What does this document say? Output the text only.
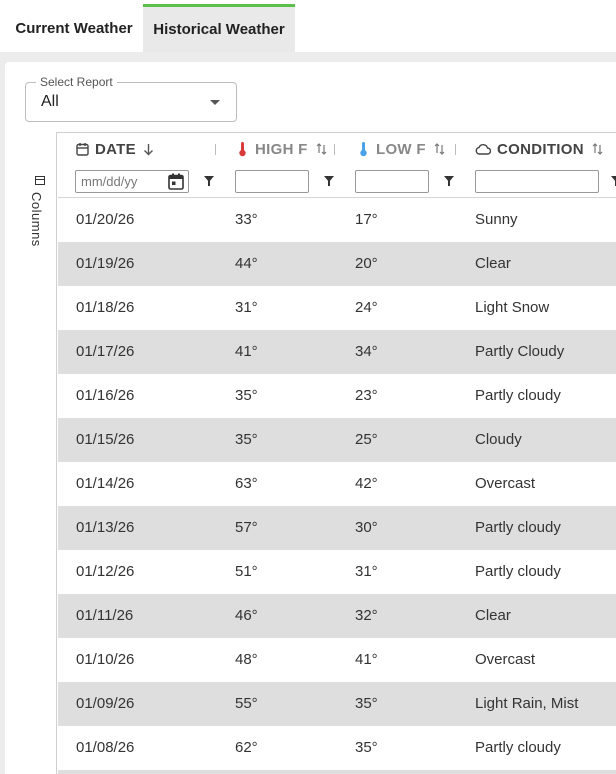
Current Weather Historical Weather
Select Report
All
Columns
DATE	HIGH F	LOW F	CONDITION
mm/dd/yy
01/20/26	33°	17°	Sunny
01/19/26	44°	20°	Clear
01/18/26	31°	24°	Light Snow
01/17/26	41°	34°	Partly Cloudy
01/16/26	35°	23°	Partly cloudy
01/15/26	35°	25°	Cloudy
01/14/26	63°	42°	Overcast
01/13/26	57°	30°	Partly cloudy
01/12/26	51°	31°	Partly cloudy
01/11/26	46°	32°	Clear
01/10/26	48°	41°	Overcast
01/09/26	55°	35°	Light Rain, Mist
01/08/26	62°	35°	Partly cloudy
